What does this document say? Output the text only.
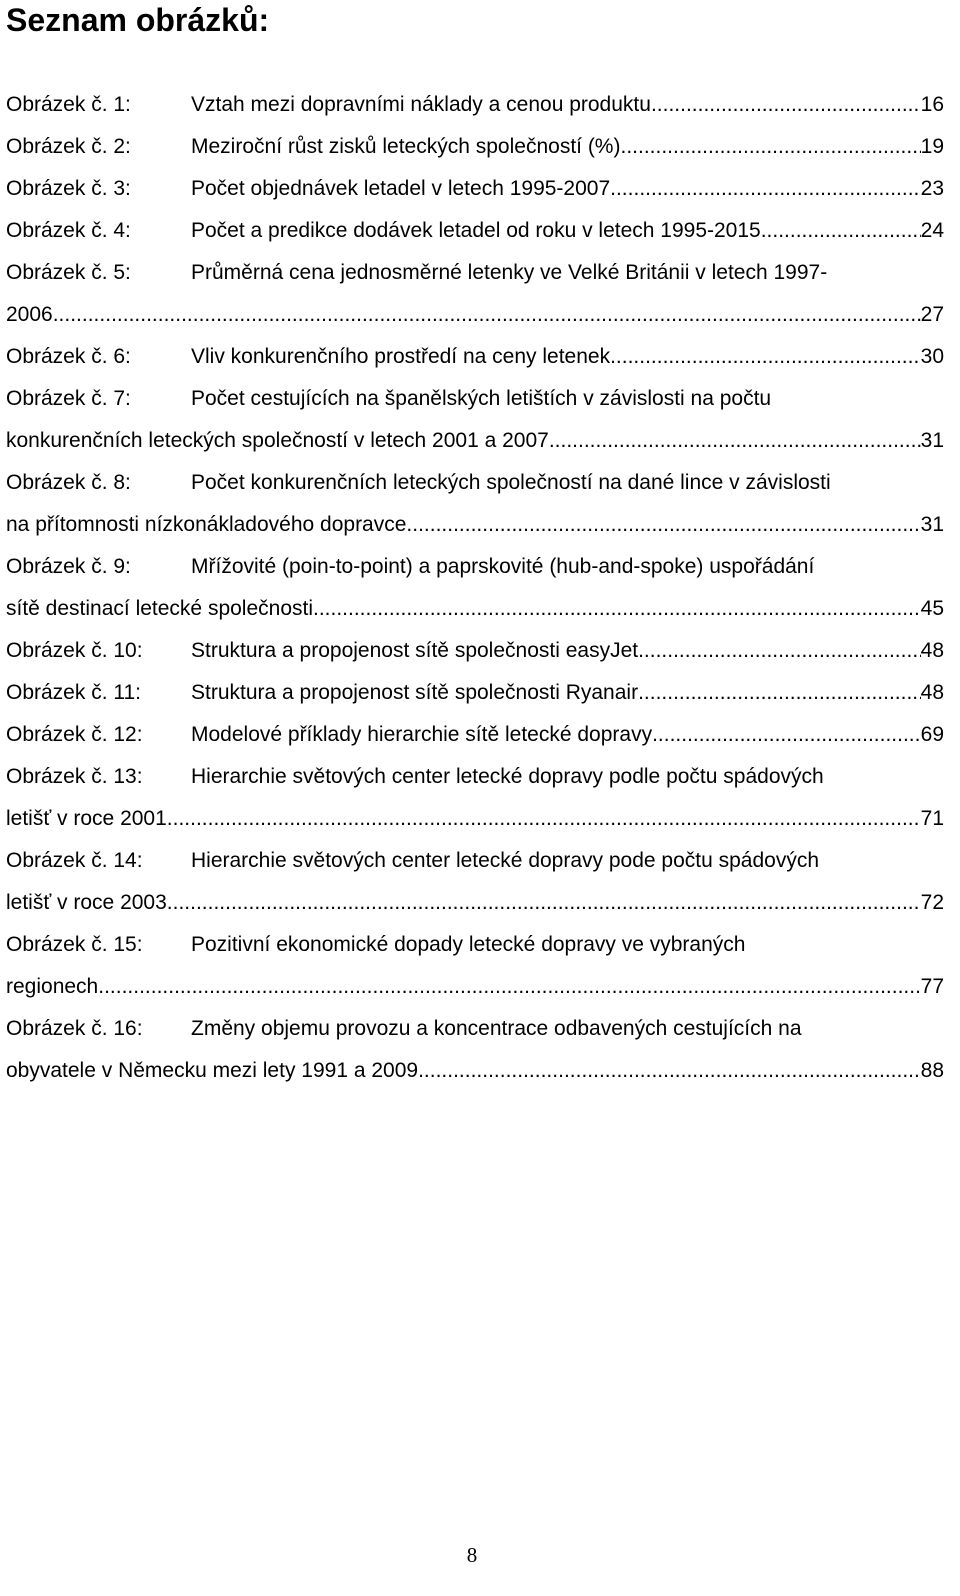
Seznam obrázků:
Obrázek č. 1:	Vztah mezi dopravními náklady a cenou produktu .....	16
Obrázek č. 2:	Meziroční růst zisků leteckých společností (%). .....	19
Obrázek č. 3:	Počet objednávek letadel v letech 1995-2007 .....	23
Obrázek č. 4:	Počet a predikce dodávek letadel od roku v letech 1995-2015 .....	24
Obrázek č. 5:	Průměrná cena jednosměrné letenky ve Velké Británii v letech 1997-
2006 .....	27
Obrázek č. 6:	Vliv konkurenčního prostředí na ceny letenek .....	30
Obrázek č. 7:	Počet cestujících na španělských letištích v závislosti na počtu
konkurenčních leteckých společností v letech 2001 a 2007 .....	31
Obrázek č. 8:	Počet konkurenčních leteckých společností na dané lince v závislosti
na přítomnosti nízkonákladového dopravce .....	31
Obrázek č. 9:	Mřížovité (poin-to-point) a paprskovité (hub-and-spoke) uspořádání
sítě destinací letecké společnosti. .....	45
Obrázek č. 10:	Struktura a propojenost sítě společnosti easyJet .....	48
Obrázek č. 11:	Struktura a propojenost sítě společnosti Ryanair .....	48
Obrázek č. 12:	Modelové příklady hierarchie sítě letecké dopravy .....	69
Obrázek č. 13:	Hierarchie světových center letecké dopravy podle počtu spádových
letišť v roce 2001 .....	71
Obrázek č. 14:	Hierarchie světových center letecké dopravy pode počtu spádových
letišť v roce 2003 .....	72
Obrázek č. 15:	Pozitivní ekonomické dopady letecké dopravy ve vybraných
regionech. .....	77
Obrázek č. 16:	Změny objemu provozu a koncentrace odbavených cestujících na
obyvatele v Německu mezi lety 1991 a 2009 .....	88
8
